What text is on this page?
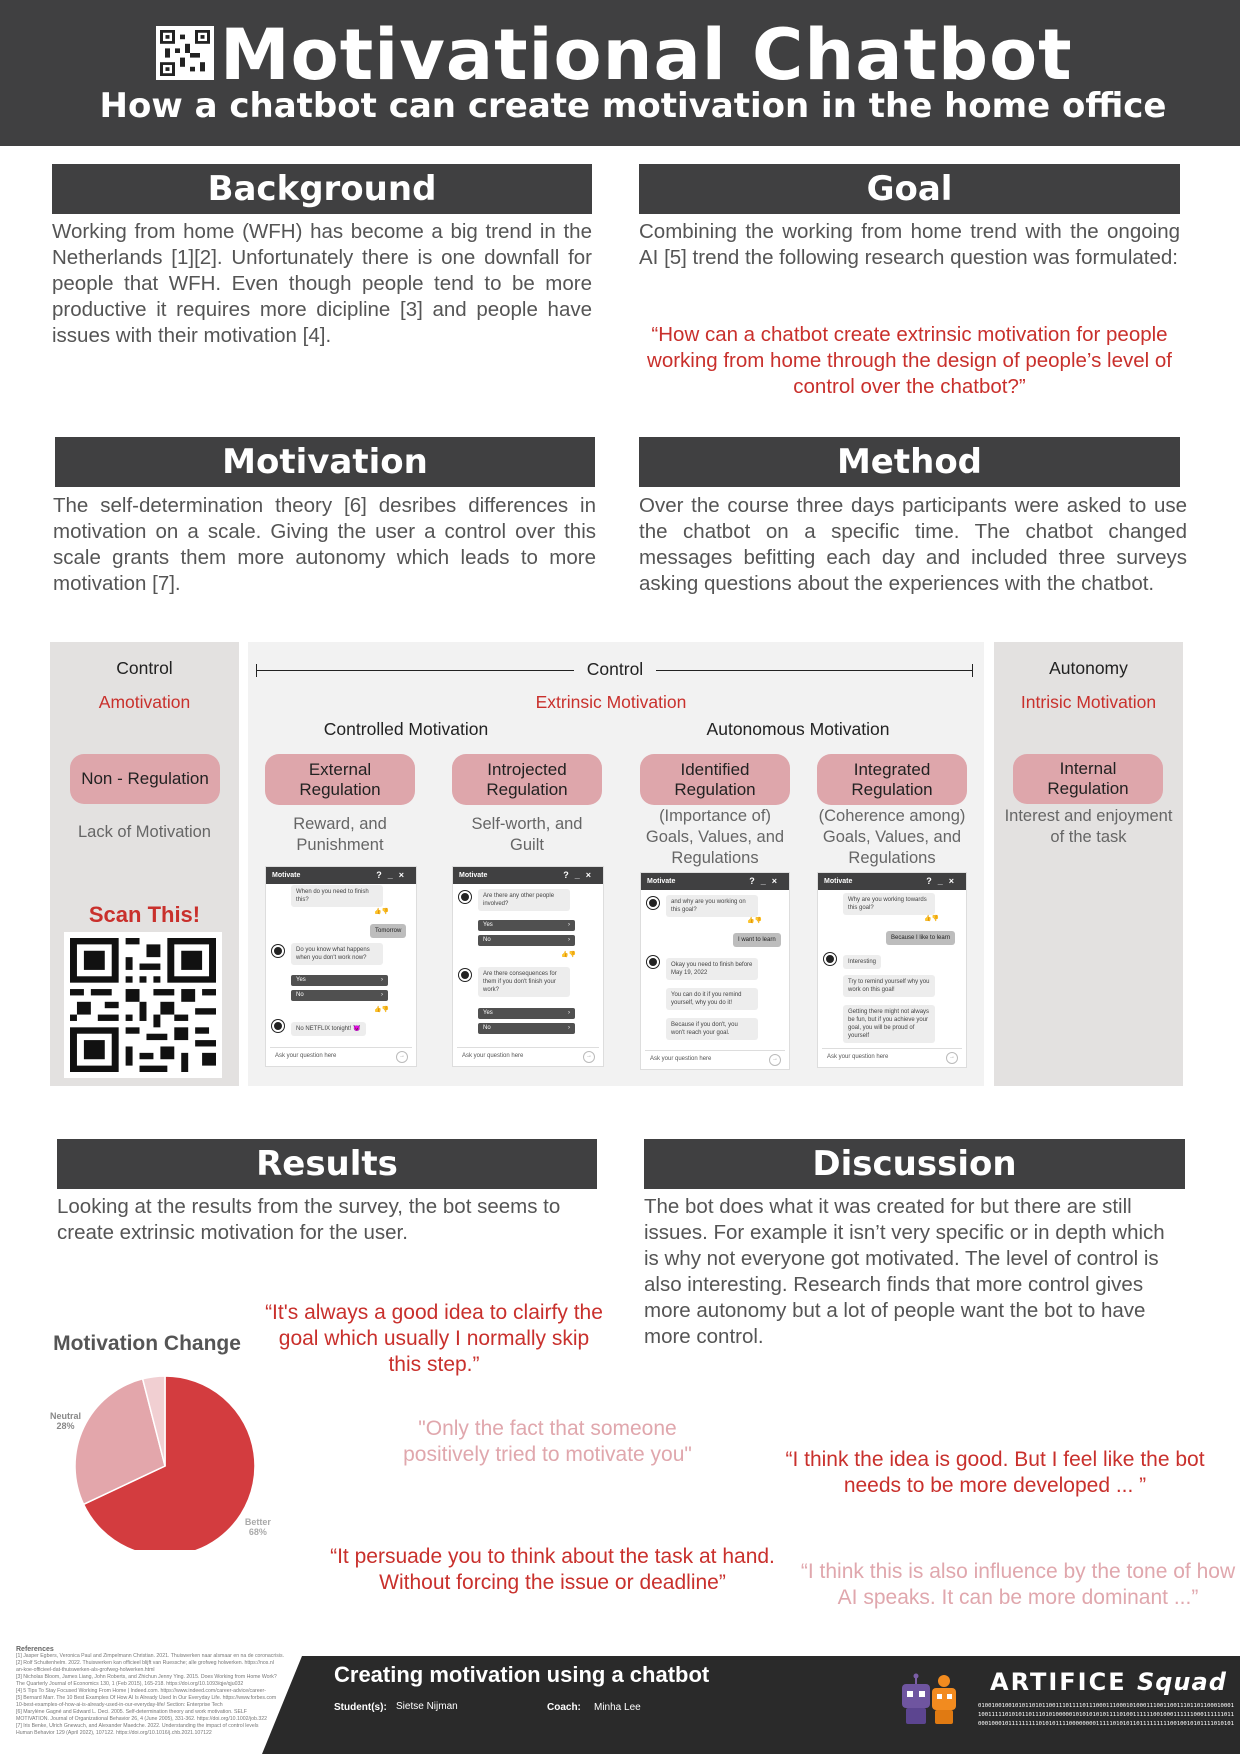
Motivational Chatbot
How a chatbot can create motivation in the home office
Background
Working from home (WFH) has become a big trend in the Netherlands [1][2]. Unfortunately there is one downfall for people that WFH. Even though people tend to be more productive it requires more dicipline [3] and people have issues with their motivation [4].
Goal
Combining the working from home trend with the ongoing AI [5] trend the following research question was formulated:
“How can a chatbot create extrinsic motivation for people working from home through the design of people’s level of control over the chatbot?”
Motivation
The self-determination theory [6] desribes differences in motivation on a scale. Giving the user a control over this scale grants them more autonomy which leads to more motivation [7].
Method
Over the course three days participants were asked to use the chatbot on a specific time. The chatbot changed messages befitting each day and included three surveys asking questions about the experiences with the chatbot.
Control
Amotivation
Non - Regulation
Lack of Motivation
Control
Extrinsic Motivation
Controlled Motivation	Autonomous Motivation
External Regulation
Introjected Regulation
Identified Regulation
Integrated Regulation
Reward, and Punishment
Self-worth, and Guilt
(Importance of) Goals, Values, and Regulations
(Coherence among) Goals, Values, and Regulations
Autonomy
Intrisic Motivation
Internal Regulation
Interest and enjoyment of the task
Scan This!
Motivate	?_×
When do you need to finish this?
👍👎
Tomorrow
Do you know what happens when you don't work now?
Yes ›
No ›
👍👎
No NETFLIX tonight! 😈
Ask your question here →
Motivate	?_×
Are there any other people involved?
Yes ›
No ›
👍👎
Are there consequences for them if you don't finish your work?
Yes ›
No ›
Ask your question here →
Motivate	?_×
and why are you working on this goal?
👍👎
I want to learn
Okay you need to finish before May 19, 2022
You can do it if you remind yourself, why you do it!
Because if you don't, you won't reach your goal.
Ask your question here →
Motivate	?_×
Why are you working towards this goal?
👍👎
Because I like to learn
Interesting
Try to remind yourself why you work on this goal!
Getting there might not always be fun, but if you achieve your goal, you will be proud of yourself
Ask your question here →
Results
Looking at the results from the survey, the bot seems to create extrinsic motivation for the user.
Discussion
The bot does what it was created for but there are still issues. For example it isn’t very specific or in depth which is why not everyone got motivated. The level of control is also interesting. Research finds that more control gives more autonomy but a lot of people want the bot to have more control.
Motivation Change
Better
68%
Neutral
28%
“It's always a good idea to clairfy the goal which usually I normally skip this step.”
"Only the fact that someone positively tried to motivate you"	“I think the idea is good. But I feel like the bot needs to be more developed ... ”
“It persuade you to think about the task at hand. Without forcing the issue or deadline”	“I think this is also influence by the tone of how AI speaks. It can be more dominant ...”
References
[1] Jasper Egbers, Veronica Paul and Zimpelmann Christian. 2021. Thuiswerken naar alsmaar en na de coronacrisis.
[2] Rolf Schuitenhelm. 2022. Thuiswerken kan officieel blijft van Ruessche; alle grofweg holwerken. https://nos.nl
an-koe-officieel-dat-thuiswerken-als-grofweg-holwerken.html
[3] Nicholas Bloom, James Liang, John Roberts, and Zhichun Jenny Ying. 2015. Does Working from Home Work?
The Quarterly Journal of Economics 130, 1 (Feb 2015), 165-218. https://doi.org/10.1093/qje/qju032
[4] 5 Tips To Stay Focused Working From Home | Indeed.com. https://www.indeed.com/career-advice/career-
[5] Bernard Marr. The 10 Best Examples Of How AI Is Already Used In Our Everyday Life. https://www.forbes.com
10-best-examples-of-how-ai-is-already-used-in-our-everyday-life/ Section: Enterprise Tech
[6] Marylène Gagné and Edward L. Deci. 2005. Self-determination theory and work motivation. SELF
MOTIVATION. Journal of Organizational Behavior 26, 4 (June 2005), 331-362. https://doi.org/10.1002/job.322
[7] Iris Benke, Ulrich Gnewuch, and Alexander Maedche. 2022. Understanding the impact of control levels
Human Behavior 129 (April 2022), 107122. https://doi.org/10.1016/j.chb.2021.107122
Creating motivation using a chatbot
Student(s): Sietse Nijman	Coach: Minha Lee
ARTIFICE Squad
0100100100101011010110011101111011100011100010100011100110011101101100010001
1001111101010110111010100000101010101011110100111111001000111111000111111011
0001000101111111110101011110000000011111010101101111111110010010101111010101
